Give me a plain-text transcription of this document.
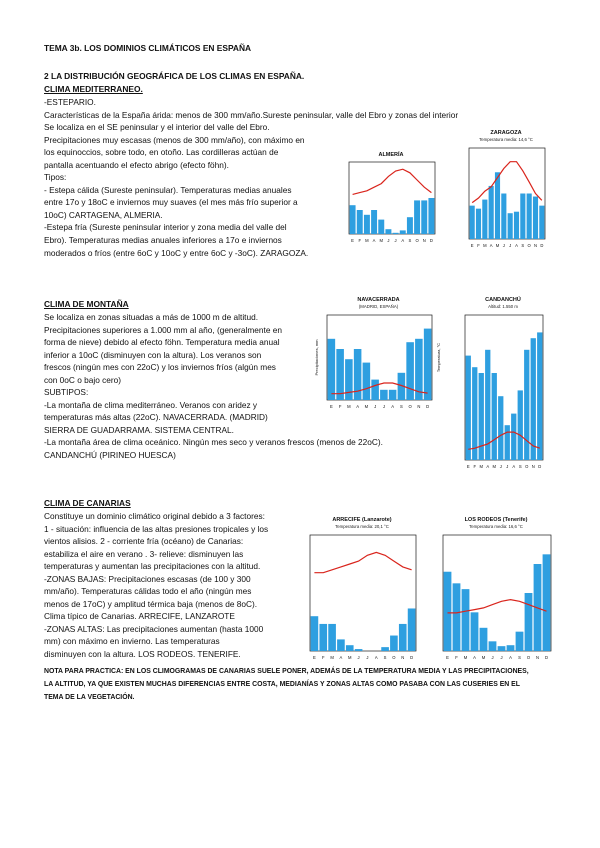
TEMA 3b. LOS DOMINIOS CLIMÁTICOS EN ESPAÑA
2 LA DISTRIBUCIÓN GEOGRÁFICA DE LOS CLIMAS EN ESPAÑA.
CLIMA MEDITERRANEO.
-ESTEPARIO.
Características de la España árida: menos de 300 mm/año.Sureste peninsular, valle del Ebro y zonas del interior
Se localiza en el SE peninsular y el interior del valle del Ebro.
Precipitaciones muy escasas (menos de 300 mm/año), con máximo en
los equinoccios, sobre todo, en otoño. Las cordilleras actúan de
pantalla acentuando el efecto abrigo (efecto föhn).
Tipos:
- Estepa cálida (Sureste peninsular). Temperaturas medias anuales
entre 17o y 18oC e inviernos muy suaves (el mes más frío superior a
10oC) CARTAGENA, ALMERIA.
-Estepa fría (Sureste peninsular interior y zona media del valle del
Ebro). Temperaturas medias anuales inferiores a 17o e inviernos
moderados o fríos (entre 6oC y 10oC y entre 6oC y -3oC). ZARAGOZA.
CLIMA DE MONTAÑA
Se localiza en zonas situadas a más de 1000 m de altitud.
Precipitaciones superiores a 1.000 mm al año, (generalmente en
forma de nieve) debido al efecto föhn. Temperatura media anual
inferior a 10oC (disminuyen con la altura). Los veranos son
frescos (ningún mes con 22oC) y los inviernos fríos (algún mes
con 0oC o bajo cero)
SUBTIPOS:
-La montaña de clima mediterráneo. Veranos con aridez y
temperaturas más altas (22oC). NAVACERRADA. (MADRID)
SIERRA DE GUADARRAMA. SISTEMA CENTRAL.
-La montaña área de clima oceánico. Ningún mes seco y veranos frescos (menos de 22oC).
CANDANCHÚ (PIRINEO HUESCA)
CLIMA DE CANARIAS
Constituye un dominio climático original debido a 3 factores:
1 - situación: influencia de las altas presiones tropicales y los
vientos alisios. 2 - corriente fría (océano) de Canarias:
estabiliza el aire en verano . 3- relieve: disminuyen las
temperaturas y aumentan las precipitaciones con la altitud.
-ZONAS BAJAS: Precipitaciones escasas (de 100 y 300
mm/año). Temperaturas cálidas todo el año (ningún mes
menos de 17oC) y amplitud térmica baja (menos de 8oC).
Clima típico de Canarias. ARRECIFE, LANZAROTE
-ZONAS ALTAS: Las precipitaciones aumentan (hasta 1000
mm) con máximo en invierno. Las temperaturas
disminuyen con la altura. LOS RODEOS. TENERIFE.
NOTA PARA PRACTICA: EN LOS CLIMOGRAMAS DE CANARIAS SUELE PONER, ADEMÁS DE LA TEMPERATURA MEDIA Y LAS PRECIPITACIONES,
LA ALTITUD, YA QUE EXISTEN MUCHAS DIFERENCIAS ENTRE COSTA, MEDIANÍAS Y ZONAS ALTAS COMO PASABA CON LAS CUSERIES EN EL
TEMA DE LA VEGETACIÓN.
ALMERÍA
E F M A M J J A S O N D
ZARAGOZA
Temperatura media: 14,6 °C
E F M A M J J A S O N D
NAVACERRADA
(MADRID, ESPAÑA)
E F M A M J J A S O N D
Precipitaciones, mm	Temperatura, °C
CANDANCHÚ
Altitud: 1.550 m
E F M A M J J A S O N D
ARRECIFE (Lanzarote)
Temperatura media: 20,1 °C
E F M A M J J A S O N D
LOS RODEOS (Tenerife)
Temperatura media: 16,6 °C
E F M A M J J A S O N D
